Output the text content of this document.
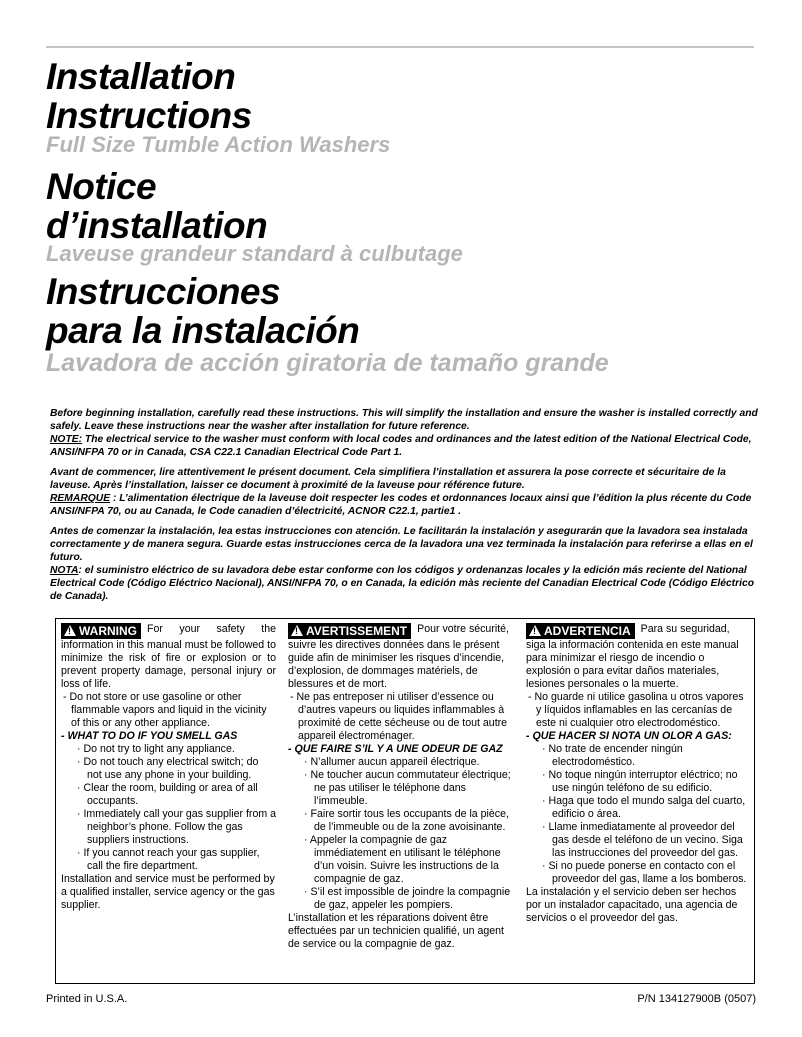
Installation
Instructions
Full Size Tumble Action Washers
Notice
d’installation
Laveuse grandeur standard à culbutage
Instrucciones
para la instalación
Lavadora de acción giratoria de tamaño grande

Before beginning installation, carefully read these instructions. This will simplify the installation and ensure the washer is installed correctly and safely. Leave these instructions near the washer after installation for future reference.

NOTE: The electrical service to the washer must conform with local codes and ordinances and the latest edition of the National Electrical Code, ANSI/NFPA 70 or in Canada, CSA C22.1 Canadian Electrical Code Part 1.

Avant de commencer, lire attentivement le présent document. Cela simplifiera l’installation et assurera la pose correcte et sécuritaire de la laveuse. Après l’installation, laisser ce document à proximité de la laveuse pour référence future.

REMARQUE : L’alimentation électrique de la laveuse doit respecter les codes et ordonnances locaux ainsi que l’édition la plus récente du Code ANSI/NFPA 70, ou au Canada, le Code canadien d’électricité, ACNOR C22.1, partie1 .

Antes de comenzar la instalación, lea estas instrucciones con atención. Le facilitarán la instalación y asegurarán que la lavadora sea instalada correctamente y de manera segura. Guarde estas instrucciones cerca de la lavadora una vez terminada la instalación para referirse a ellas en el futuro.

NOTA: el suministro eléctrico de su lavadora debe estar conforme con los códigos y ordenanzas locales y la edición más reciente del National Electrical Code (Código Eléctrico Nacional), ANSI/NFPA 70, o en Canada, la edición màs reciente del Canadian Electrical Code (Código Eléctrico de Canada).

!WARNING For your safety the information in this manual must be followed to minimize the risk of fire or explosion or to prevent property damage, personal injury or loss of life.

- Do not store or use gasoline or other flammable vapors and liquid in the vicinity of this or any other appliance.

- WHAT TO DO IF YOU SMELL GAS

· Do not try to light any appliance.

· Do not touch any electrical switch; do not use any phone in your building.

· Clear the room, building or area of all occupants.

· Immediately call your gas supplier from a neighbor’s phone. Follow the gas suppliers instructions.

· If you cannot reach your gas supplier, call the fire department.

Installation and service must be performed by a qualified installer, service agency or the gas supplier.

!AVERTISSEMENT Pour votre sécurité, suivre les directives données dans le présent guide afin de minimiser les risques d’incendie, d’explosion, de dommages matériels, de blessures et de mort.

- Ne pas entreposer ni utiliser d’essence ou d’autres vapeurs ou liquides inflammables à proximité de cette sécheuse ou de tout autre appareil électroménager.

- QUE FAIRE S’IL Y A UNE ODEUR DE GAZ

· N’allumer aucun appareil électrique.

· Ne toucher aucun commutateur électrique; ne pas utiliser le téléphone dans l’immeuble.

· Faire sortir tous les occupants de la pièce, de l’immeuble ou de la zone avoisinante.

· Appeler la compagnie de gaz immédiatement en utilisant le téléphone d’un voisin. Suivre les instructions de la compagnie de gaz.

· S’il est impossible de joindre la compagnie de gaz, appeler les pompiers.

L’installation et les réparations doivent être effectuées par un technicien qualifié, un agent de service ou la compagnie de gaz.

!ADVERTENCIA Para su seguridad, siga la información contenida en este manual para minimizar el riesgo de incendio o explosión o para evitar daños materiales, lesiones personales o la muerte.

- No guarde ni utilice gasolina u otros vapores y líquidos inflamables en las cercanías de este ni cualquier otro electrodoméstico.

- QUE HACER SI NOTA UN OLOR A GAS:

· No trate de encender ningún electrodoméstico.

· No toque ningún interruptor eléctrico; no use ningún teléfono de su edificio.

· Haga que todo el mundo salga del cuarto, edificio o área.

· Llame inmediatamente al proveedor del gas desde el teléfono de un vecino. Siga las instrucciones del proveedor del gas.

· Si no puede ponerse en contacto con el proveedor del gas, llame a los bomberos.

La instalación y el servicio deben ser hechos por un instalador capacitado, una agencia de servicios o el proveedor del gas.

Printed in U.S.A.	P/N 134127900B (0507)
